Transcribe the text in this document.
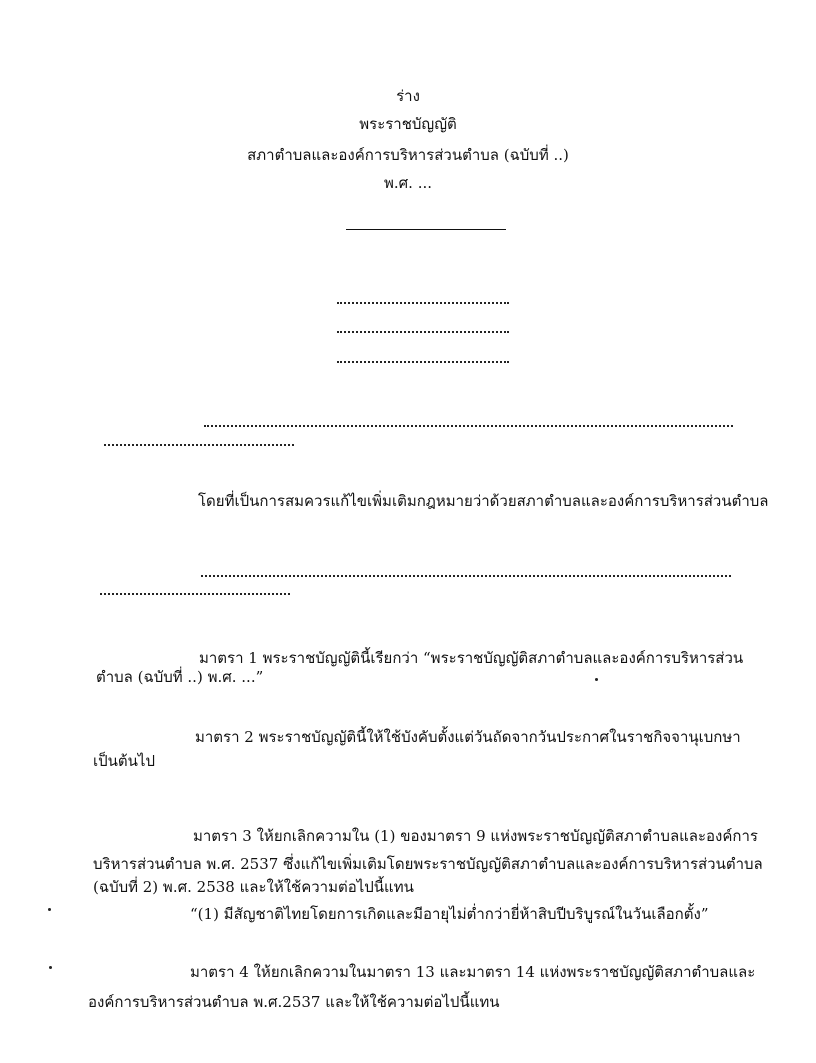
ร่าง
พระราชบัญญัติ
สภาตำบลและองค์การบริหารส่วนตำบล (ฉบับที่ ..)
พ.ศ. ...
โดยที่เป็นการสมควรแก้ไขเพิ่มเติมกฎหมายว่าด้วยสภาตำบลและองค์การบริหารส่วนตำบล
มาตรา 1 พระราชบัญญัตินี้เรียกว่า “พระราชบัญญัติสภาตำบลและองค์การบริหารส่วน
ตำบล (ฉบับที่ ..) พ.ศ. ...”
มาตรา 2 พระราชบัญญัตินี้ให้ใช้บังคับตั้งแต่วันถัดจากวันประกาศในราชกิจจานุเบกษา
เป็นต้นไป
มาตรา 3 ให้ยกเลิกความใน (1) ของมาตรา 9 แห่งพระราชบัญญัติสภาตำบลและองค์การ
บริหารส่วนตำบล พ.ศ. 2537 ซึ่งแก้ไขเพิ่มเติมโดยพระราชบัญญัติสภาตำบลและองค์การบริหารส่วนตำบล
(ฉบับที่ 2) พ.ศ. 2538 และให้ใช้ความต่อไปนี้แทน
“(1) มีสัญชาติไทยโดยการเกิดและมีอายุไม่ต่ำกว่ายี่ห้าสิบปีบริบูรณ์ในวันเลือกตั้ง”
มาตรา 4 ให้ยกเลิกความในมาตรา 13 และมาตรา 14 แห่งพระราชบัญญัติสภาตำบลและ
องค์การบริหารส่วนตำบล พ.ศ.2537 และให้ใช้ความต่อไปนี้แทน
